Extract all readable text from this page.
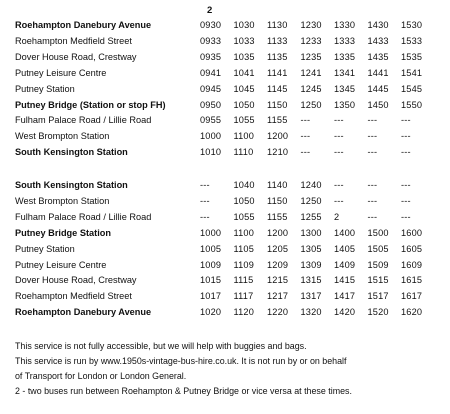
2
Roehampton Danebury Avenue	0930	1030	1130	1230	1330	1430	1530
Roehampton Medfield Street	0933	1033	1133	1233	1333	1433	1533
Dover House Road, Crestway	0935	1035	1135	1235	1335	1435	1535
Putney Leisure Centre	0941	1041	1141	1241	1341	1441	1541
Putney Station	0945	1045	1145	1245	1345	1445	1545
Putney Bridge (Station or stop FH)	0950	1050	1150	1250	1350	1450	1550
Fulham Palace Road / Lillie Road	0955	1055	1155	---	---	---	---
West Brompton Station	1000	1100	1200	---	---	---	---
South Kensington Station	1010	1110	1210	---	---	---	---
South Kensington Station	---	1040	1140	1240	---	---	---
West Brompton Station	---	1050	1150	1250	---	---	---
Fulham Palace Road / Lillie Road	---	1055	1155	1255	2	---	---
Putney Bridge Station	1000	1100	1200	1300	1400	1500	1600
Putney Station	1005	1105	1205	1305	1405	1505	1605
Putney Leisure Centre	1009	1109	1209	1309	1409	1509	1609
Dover House Road, Crestway	1015	1115	1215	1315	1415	1515	1615
Roehampton Medfield Street	1017	1117	1217	1317	1417	1517	1617
Roehampton Danebury Avenue	1020	1120	1220	1320	1420	1520	1620

This service is not fully accessible, but we will help with buggies and bags.

This service is run by www.1950s-vintage-bus-hire.co.uk. It is not run by or on behalf

of Transport for London or London General.

2 - two buses run between Roehampton & Putney Bridge or vice versa at these times.
